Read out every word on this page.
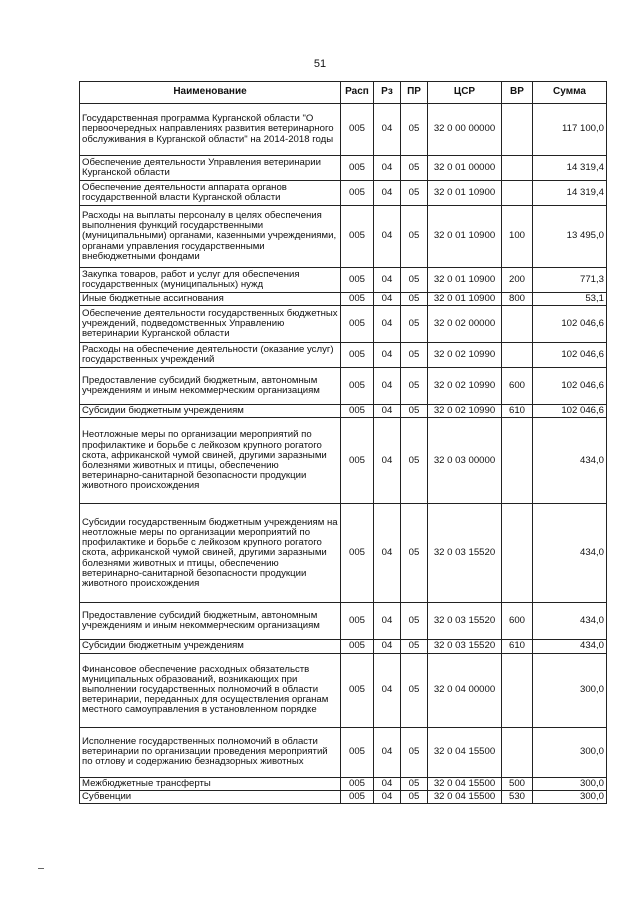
51
Наименование	Расп	Рз	ПР	ЦСР	ВР	Сумма
Государственная программа Курганской области "О первоочередных направлениях развития ветеринарного обслуживания в Курганской области" на 2014-2018 годы	005	04	05	32 0 00 00000		117 100,0
Обеспечение деятельности Управления ветеринарии Курганской области	005	04	05	32 0 01 00000		14 319,4
Обеспечение деятельности аппарата органов государственной власти Курганской области	005	04	05	32 0 01 10900		14 319,4
Расходы на выплаты персоналу в целях обеспечения выполнения функций государственными (муниципальными) органами, казенными учреждениями, органами управления государственными внебюджетными фондами	005	04	05	32 0 01 10900	100	13 495,0
Закупка товаров, работ и услуг для обеспечения государственных (муниципальных) нужд	005	04	05	32 0 01 10900	200	771,3
Иные бюджетные ассигнования	005	04	05	32 0 01 10900	800	53,1
Обеспечение деятельности государственных бюджетных учреждений, подведомственных Управлению ветеринарии Курганской области	005	04	05	32 0 02 00000		102 046,6
Расходы на обеспечение деятельности (оказание услуг) государственных учреждений	005	04	05	32 0 02 10990		102 046,6
Предоставление субсидий бюджетным, автономным учреждениям и иным некоммерческим организациям	005	04	05	32 0 02 10990	600	102 046,6
Субсидии бюджетным учреждениям	005	04	05	32 0 02 10990	610	102 046,6
Неотложные меры по организации мероприятий по профилактике и борьбе с лейкозом крупного рогатого скота, африканской чумой свиней, другими заразными болезнями животных и птицы, обеспечению ветеринарно-санитарной безопасности продукции животного происхождения	005	04	05	32 0 03 00000		434,0
Субсидии государственным бюджетным учреждениям на неотложные меры по организации мероприятий по профилактике и борьбе с лейкозом крупного рогатого скота, африканской чумой свиней, другими заразными болезнями животных и птицы, обеспечению ветеринарно-санитарной безопасности продукции животного происхождения	005	04	05	32 0 03 15520		434,0
Предоставление субсидий бюджетным, автономным учреждениям и иным некоммерческим организациям	005	04	05	32 0 03 15520	600	434,0
Субсидии бюджетным учреждениям	005	04	05	32 0 03 15520	610	434,0
Финансовое обеспечение расходных обязательств муниципальных образований, возникающих при выполнении государственных полномочий в области ветеринарии, переданных для осуществления органам местного самоуправления в установленном порядке	005	04	05	32 0 04 00000		300,0
Исполнение государственных полномочий в области ветеринарии по организации проведения мероприятий по отлову и содержанию безнадзорных животных	005	04	05	32 0 04 15500		300,0
Межбюджетные трансферты	005	04	05	32 0 04 15500	500	300,0
Субвенции	005	04	05	32 0 04 15500	530	300,0
